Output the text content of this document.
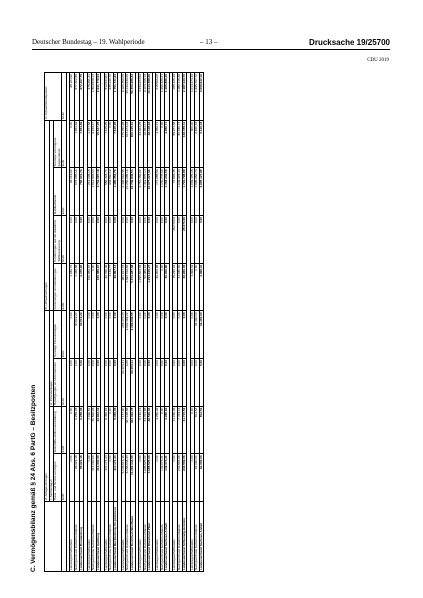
Deutscher Bundestag – 19. Wahlperiode	– 13 –	Drucksache 19/25700
CDU 2019
C. Vermögensbilanz gemäß § 24 Abs. 6 PartG – Besitzposten
	A. Anlagevermögen				B. Umlaufvermögen				C. Gesamtbesitzposten
	I. Sachanlagen		II. Finanzanlagen						
	Haus- und Grund-vermögen	Geschäfts-stellen-ausstattung	Beteiligungen an Unternehmen	Sonstige Finanzanlagen	Forderungen an Gliederungen	Forderungen auf die staatliche Teilfinanzierung	Geldbestände	Sonstige Vermögens-gegenstände	
	EUR	EUR	EUR	EUR	EUR	EUR	EUR	EUR	EUR

Landesgeschäftsstelle	0,00	0,00	0,00	0,00	1.036,72	0,00	93.216,60	0,00	95.164,90
Nachgeordnete Gebietsverbände	95.624,18	6.258,08	0,00	30.519,22	1.438,88	0,00	672.685,16	7.654,69	877.302,85
Landesverband Brandenburg	95.624,18	6.258,08	0,00	30.519,22	2.475,60	0,00	765.901,76	7.654,69	972.467,75

Landesgeschäftsstelle	0,00	2.096,51	0,00	0,00	160.089,67	0,00	214.295,15	1.377,88	378.251,41
Nachgeordnete Gebietsverbände	314.000,00	20.566,93	0,00	0,00	0,00	0,00	1.519.802,03	9.159,17	1.863.528,13
Landesverband Hamburg	314.000,00	22.663,44	0,00	0,00	160.089,67	0,00	1.734.097,18	10.537,05	2.241.779,54

Landesgeschäftsstelle	211.174,44	5.450,06	0,00	0,00	32.760,36	0,00	556.494,70	7.615,25	813.534,87
Nachgeordnete Gebietsverbände	0,00	0,00	0,00	0,00	4.136,77	0,00	933.860,09	0,00	938.196,76
Landesverband Mecklenburg-Vorpommern	211.174,44	5.450,06	0,00	0,00	36.897,13	0,00	1.490.354,79	7.615,25	1.751.731,63

Landesgeschäftsstelle	5.133.513,16	7.177,90	60.403,41	205.473,33	981.617,76	0,00	2.496.864,38	175.452,28	9.160.350,08
Nachgeordnete Gebietsverbände	6.158.633,34	327.168,88	0,00	3.091.466,22	4.392.769,62	0,00	21.252.985,16	424.673,03	43.139.939,25
Landesverband Nordrhein-Westfalen	11.292.146,50	334.346,78	60.403,41	3.296.939,55	5.374.387,38	0,00	23.749.849,54	600.125,31	52.300.289,33

Landesgeschäftsstelle	0,00	5.146,16	0,00	0,00	1.150.863,08	0,00	2.757.452,82	33.464,26	4.339.623,56
Nachgeordnete Gebietsverbände	1.695.525,00	23.373,88	0,00	0,00	52.386,19	0,00	7.319.875,14	12.654,17	9.103.765,13
Landesverband Rheinland-Pfalz	1.695.525,00	28.520,04	0,00	0,00	1.203.249,27	0,00	10.077.327,96	46.118,43	13.443.388,69

Landesgeschäftsstelle	0,00	3.286,92	0,00	0,00	36.206,86	0,00	171.985,59	4.086,71	215.566,08
Nachgeordnete Gebietsverbände	149.073,21	0,00	0,00	0,00	0,00	0,00	1.131.247,00	0,00	1.280.320,21
Landesverband Sachsen-Anhalt	149.073,21	3.286,92	0,00	0,00	36.206,86	0,00	1.303.232,59	4.086,71	1.495.886,29

Landesgeschäftsstelle	0,00	14.236,36	0,00	0,00	15.236,03	25.073,09	74.805,45	55.974,38	185.325,49
Nachgeordnete Gebietsverbände	243.502,06	7.479,16	0,00	0,00	21.030,00	0,00	1.649.923,44	80.180,73	1.982.115,39
Landesverband Schleswig-Holstein	243.502,06	21.715,52	0,00	0,00	36.266,03	25.073,09	1.724.728,89	136.155,11	2.187.440,70

Landesgeschäftsstelle	0,00	0,00	0,00	0,00	4.399,31	0,00	1.009.475,15	300,00	1.014.174,46
Nachgeordnete Gebietsverbände	64.000,00	814,54	0,00	32.460,00	0,00	0,00	1.895.652,73	2.840,43	1.995.767,70
Landesverband Sachsen-Anhalt	64.000,00	814,54	0,00	32.460,00	4.399,31	0,00	2.905.127,88	3.140,43	3.009.942,16
